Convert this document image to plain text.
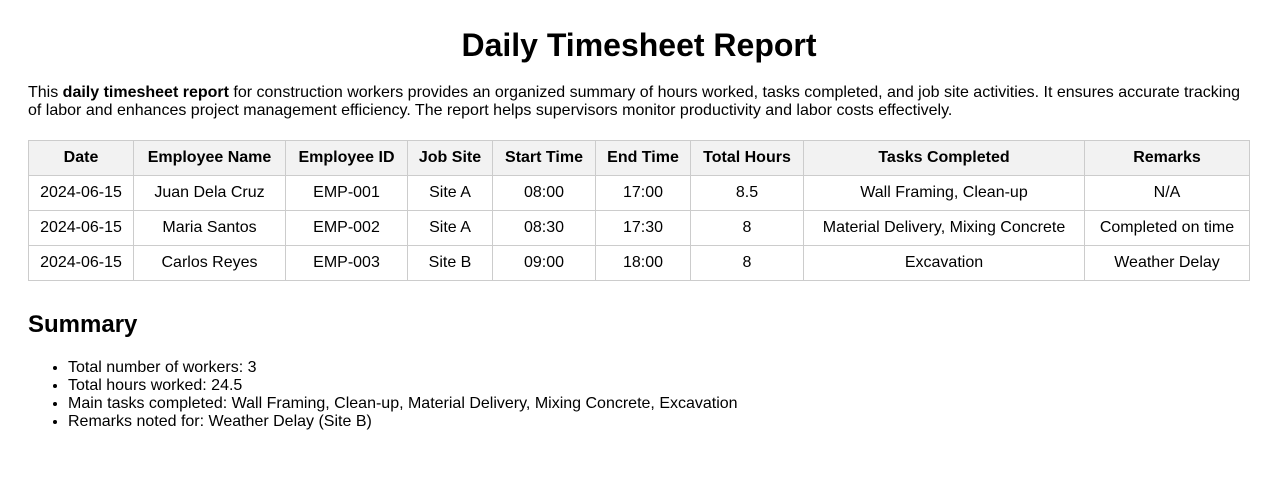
Daily Timesheet Report

This daily timesheet report for construction workers provides an organized summary of hours worked, tasks completed, and job site activities. It ensures accurate tracking of labor and enhances project management efficiency. The report helps supervisors monitor productivity and labor costs effectively.

Date	Employee Name	Employee ID	Job Site	Start Time	End Time	Total Hours	Tasks Completed	Remarks
2024-06-15	Juan Dela Cruz	EMP-001	Site A	08:00	17:00	8.5	Wall Framing, Clean-up	N/A
2024-06-15	Maria Santos	EMP-002	Site A	08:30	17:30	8	Material Delivery, Mixing Concrete	Completed on time
2024-06-15	Carlos Reyes	EMP-003	Site B	09:00	18:00	8	Excavation	Weather Delay
Summary
• Total number of workers: 3
• Total hours worked: 24.5
• Main tasks completed: Wall Framing, Clean-up, Material Delivery, Mixing Concrete, Excavation
• Remarks noted for: Weather Delay (Site B)
